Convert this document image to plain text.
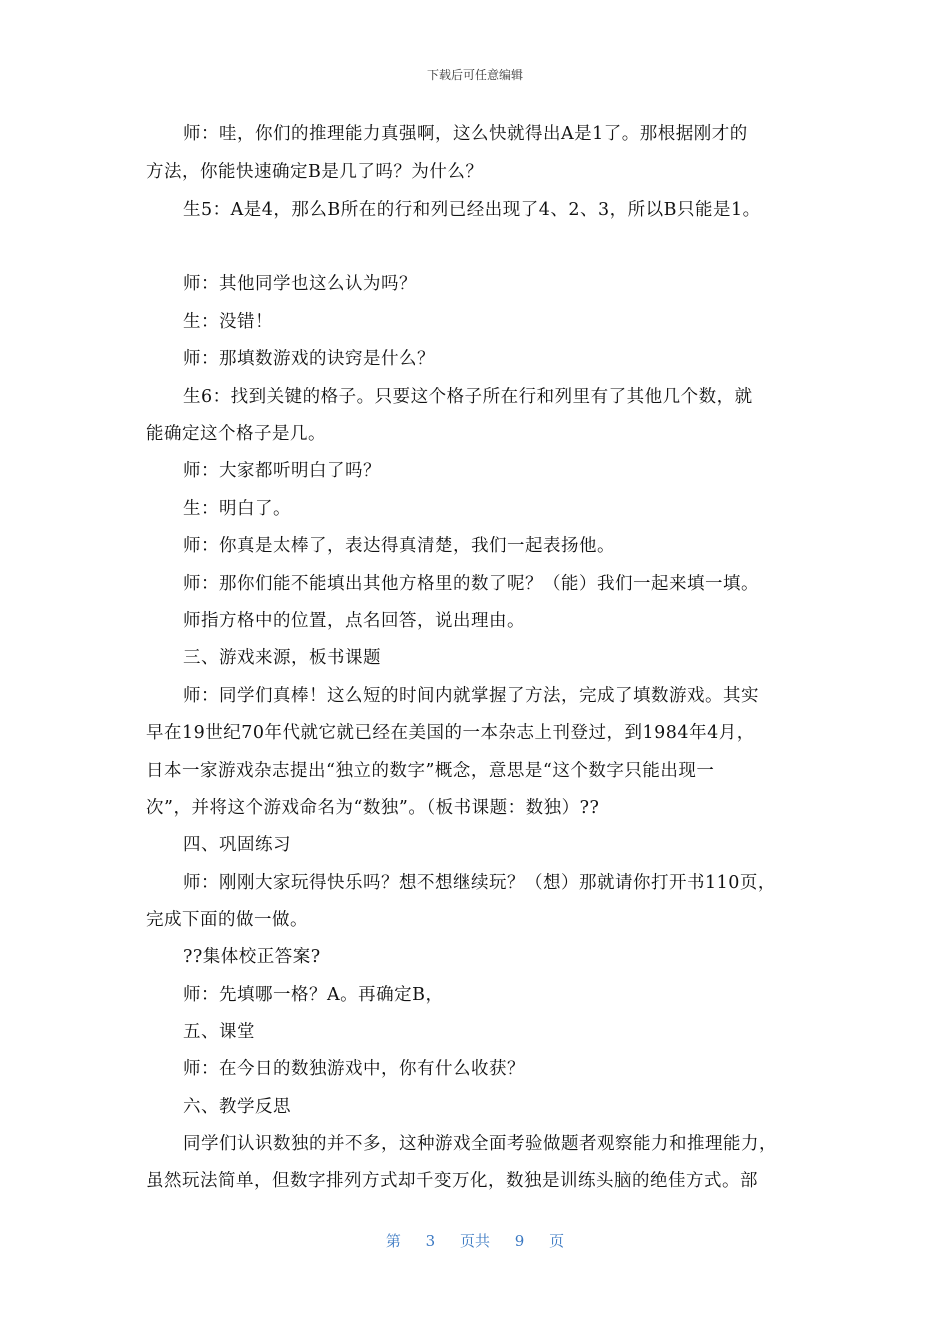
下载后可任意编辑
师：哇，你们的推理能力真强啊，这么快就得出A是1了。那根据刚才的
方法，你能快速确定B是几了吗？为什么？
生5：A是4，那么B所在的行和列已经出现了4、2、3，所以B只能是1。
师：其他同学也这么认为吗？
生：没错！
师：那填数游戏的诀窍是什么？
生6：找到关键的格子。只要这个格子所在行和列里有了其他几个数，就
能确定这个格子是几。
师：大家都听明白了吗？
生：明白了。
师：你真是太棒了，表达得真清楚，我们一起表扬他。
师：那你们能不能填出其他方格里的数了呢？（能）我们一起来填一填。
师指方格中的位置，点名回答，说出理由。
三、游戏来源，板书课题
师：同学们真棒！这么短的时间内就掌握了方法，完成了填数游戏。其实
早在19世纪70年代就它就已经在美国的一本杂志上刊登过，到1984年4月，
日本一家游戏杂志提出“独立的数字”概念，意思是“这个数字只能出现一
次”，并将这个游戏命名为“数独”。（板书课题：数独）??
四、巩固练习
师：刚刚大家玩得快乐吗？想不想继续玩？（想）那就请你打开书110页，
完成下面的做一做。
??集体校正答案?
师：先填哪一格？A。再确定B，
五、课堂
师：在今日的数独游戏中，你有什么收获？
六、教学反思
同学们认识数独的并不多，这种游戏全面考验做题者观察能力和推理能力，
虽然玩法简单，但数字排列方式却千变万化，数独是训练头脑的绝佳方式。部
第 3 页共 9 页
